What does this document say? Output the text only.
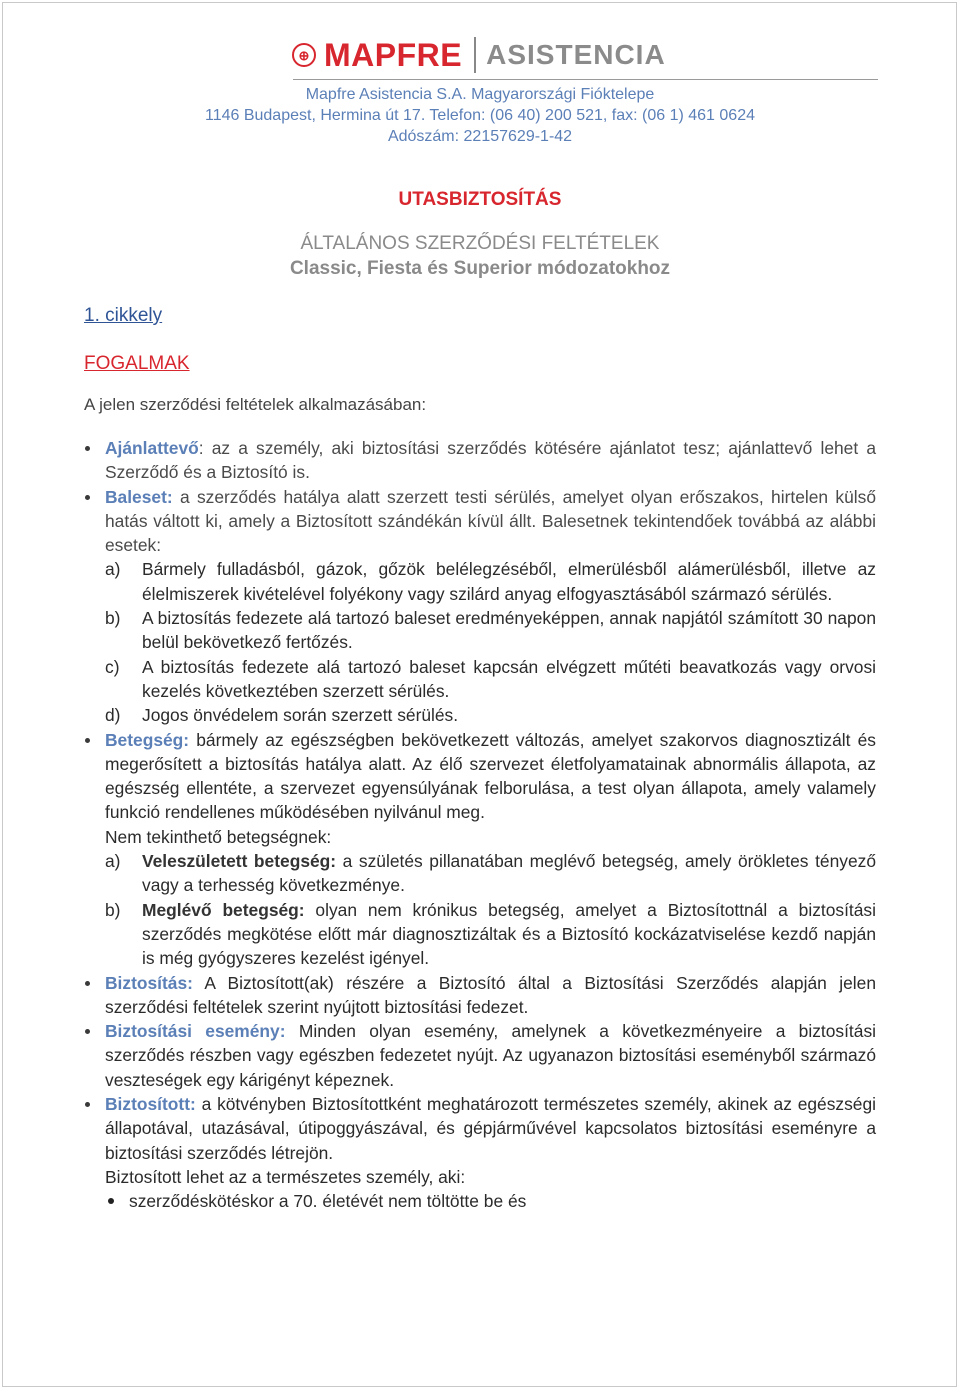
⊕ MAPFRE ASISTENCIA
Mapfre Asistencia S.A. Magyarországi Fióktelepe
1146 Budapest, Hermina út 17. Telefon: (06 40) 200 521, fax: (06 1) 461 0624
Adószám: 22157629-1-42
UTASBIZTOSÍTÁS
ÁLTALÁNOS SZERZŐDÉSI FELTÉTELEK
Classic, Fiesta és Superior módozatokhoz
1. cikkely
FOGALMAK
A jelen szerződési feltételek alkalmazásában:
Ajánlattevő: az a személy, aki biztosítási szerződés kötésére ajánlatot tesz; ajánlattevő lehet a Szerződő és a Biztosító is.
Baleset: a szerződés hatálya alatt szerzett testi sérülés, amelyet olyan erőszakos, hirtelen külső hatás váltott ki, amely a Biztosított szándékán kívül állt. Balesetnek tekintendőek továbbá az alábbi esetek:
a) Bármely fulladásból, gázok, gőzök belélegzéséből, elmerülésből alámerülésből, illetve az élelmiszerek kivételével folyékony vagy szilárd anyag elfogyasztásából származó sérülés.
b) A biztosítás fedezete alá tartozó baleset eredményeképpen, annak napjától számított 30 napon belül bekövetkező fertőzés.
c) A biztosítás fedezete alá tartozó baleset kapcsán elvégzett műtéti beavatkozás vagy orvosi kezelés következtében szerzett sérülés.
d) Jogos önvédelem során szerzett sérülés.
Betegség: bármely az egészségben bekövetkezett változás, amelyet szakorvos diagnosztizált és megerősített a biztosítás hatálya alatt. Az élő szervezet életfolyamatainak abnormális állapota, az egészség ellentéte, a szervezet egyensúlyának felborulása, a test olyan állapota, amely valamely funkció rendellenes működésében nyilvánul meg.
Nem tekinthető betegségnek:
a) Veleszületett betegség: a születés pillanatában meglévő betegség, amely örökletes tényező vagy a terhesség következménye.
b) Meglévő betegség: olyan nem krónikus betegség, amelyet a Biztosítottnál a biztosítási szerződés megkötése előtt már diagnosztizáltak és a Biztosító kockázatviselése kezdő napján is még gyógyszeres kezelést igényel.
Biztosítás: A Biztosított(ak) részére a Biztosító által a Biztosítási Szerződés alapján jelen szerződési feltételek szerint nyújtott biztosítási fedezet.
Biztosítási esemény: Minden olyan esemény, amelynek a következményeire a biztosítási szerződés részben vagy egészben fedezetet nyújt. Az ugyanazon biztosítási eseményből származó veszteségek egy kárigényt képeznek.
Biztosított: a kötvényben Biztosítottként meghatározott természetes személy, akinek az egészségi állapotával, utazásával, útipoggyászával, és gépjárművével kapcsolatos biztosítási eseményre a biztosítási szerződés létrejön.
Biztosított lehet az a természetes személy, aki:
szerződéskötéskor a 70. életévét nem töltötte be és
